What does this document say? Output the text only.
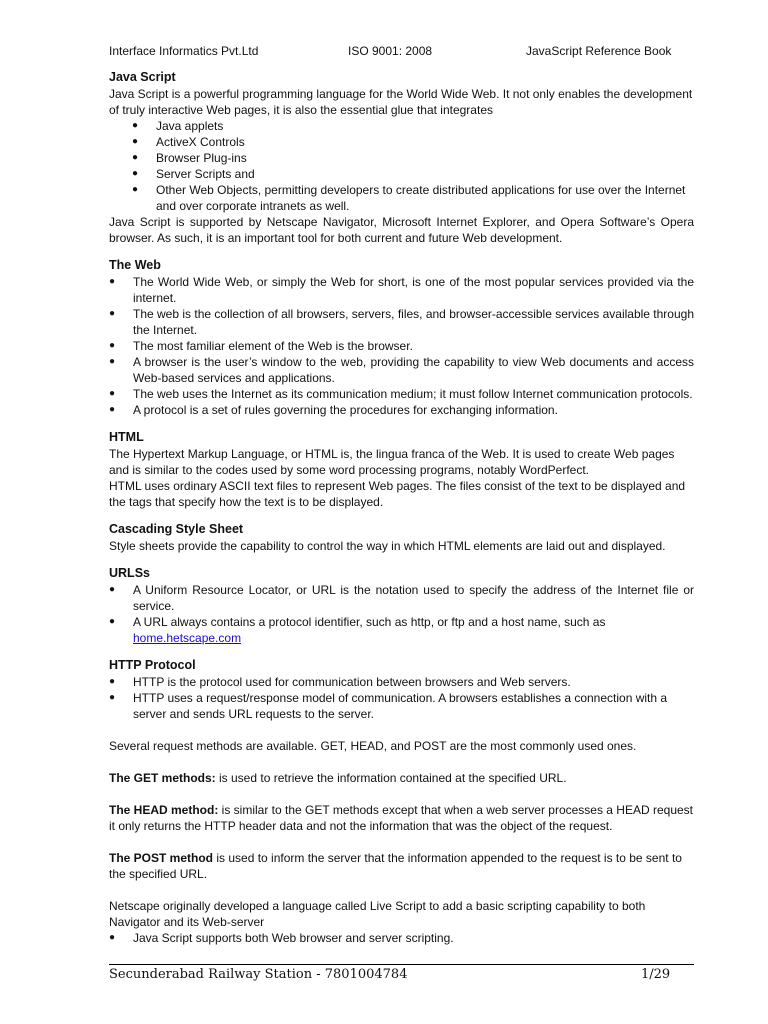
Interface Informatics Pvt.Ltd	ISO 9001: 2008	JavaScript Reference Book
Java Script

Java Script is a powerful programming language for the World Wide Web. It not only enables the development of truly interactive Web pages, it is also the essential glue that integrates

● Java applets
● ActiveX Controls
● Browser Plug-ins
● Server Scripts and
● Other Web Objects, permitting developers to create distributed applications for use over the Internet and over corporate intranets as well.

Java Script is supported by Netscape Navigator, Microsoft Internet Explorer, and Opera Software’s Opera browser. As such, it is an important tool for both current and future Web development.

The Web
● The World Wide Web, or simply the Web for short, is one of the most popular services provided via the internet.
● The web is the collection of all browsers, servers, files, and browser-accessible services available through the Internet.
● The most familiar element of the Web is the browser.
● A browser is the user’s window to the web, providing the capability to view Web documents and access Web-based services and applications.
● The web uses the Internet as its communication medium; it must follow Internet communication protocols.
● A protocol is a set of rules governing the procedures for exchanging information.
HTML

The Hypertext Markup Language, or HTML is, the lingua franca of the Web. It is used to create Web pages and is similar to the codes used by some word processing programs, notably WordPerfect.

HTML uses ordinary ASCII text files to represent Web pages. The files consist of the text to be displayed and the tags that specify how the text is to be displayed.

Cascading Style Sheet

Style sheets provide the capability to control the way in which HTML elements are laid out and displayed.

URLSs
● A Uniform Resource Locator, or URL is the notation used to specify the address of the Internet file or service.
● A URL always contains a protocol identifier, such as http, or ftp and a host name, such as
home.hetscape.com
HTTP Protocol
● HTTP is the protocol used for communication between browsers and Web servers.
● HTTP uses a request/response model of communication. A browsers establishes a connection with a server and sends URL requests to the server.

Several request methods are available. GET, HEAD, and POST are the most commonly used ones.

The GET methods: is used to retrieve the information contained at the specified URL.

The HEAD method: is similar to the GET methods except that when a web server processes a HEAD request it only returns the HTTP header data and not the information that was the object of the request.

The POST method is used to inform the server that the information appended to the request is to be sent to the specified URL.

Netscape originally developed a language called Live Script to add a basic scripting capability to both Navigator and its Web-server

● Java Script supports both Web browser and server scripting.
Secunderabad Railway Station - 7801004784	1/29
